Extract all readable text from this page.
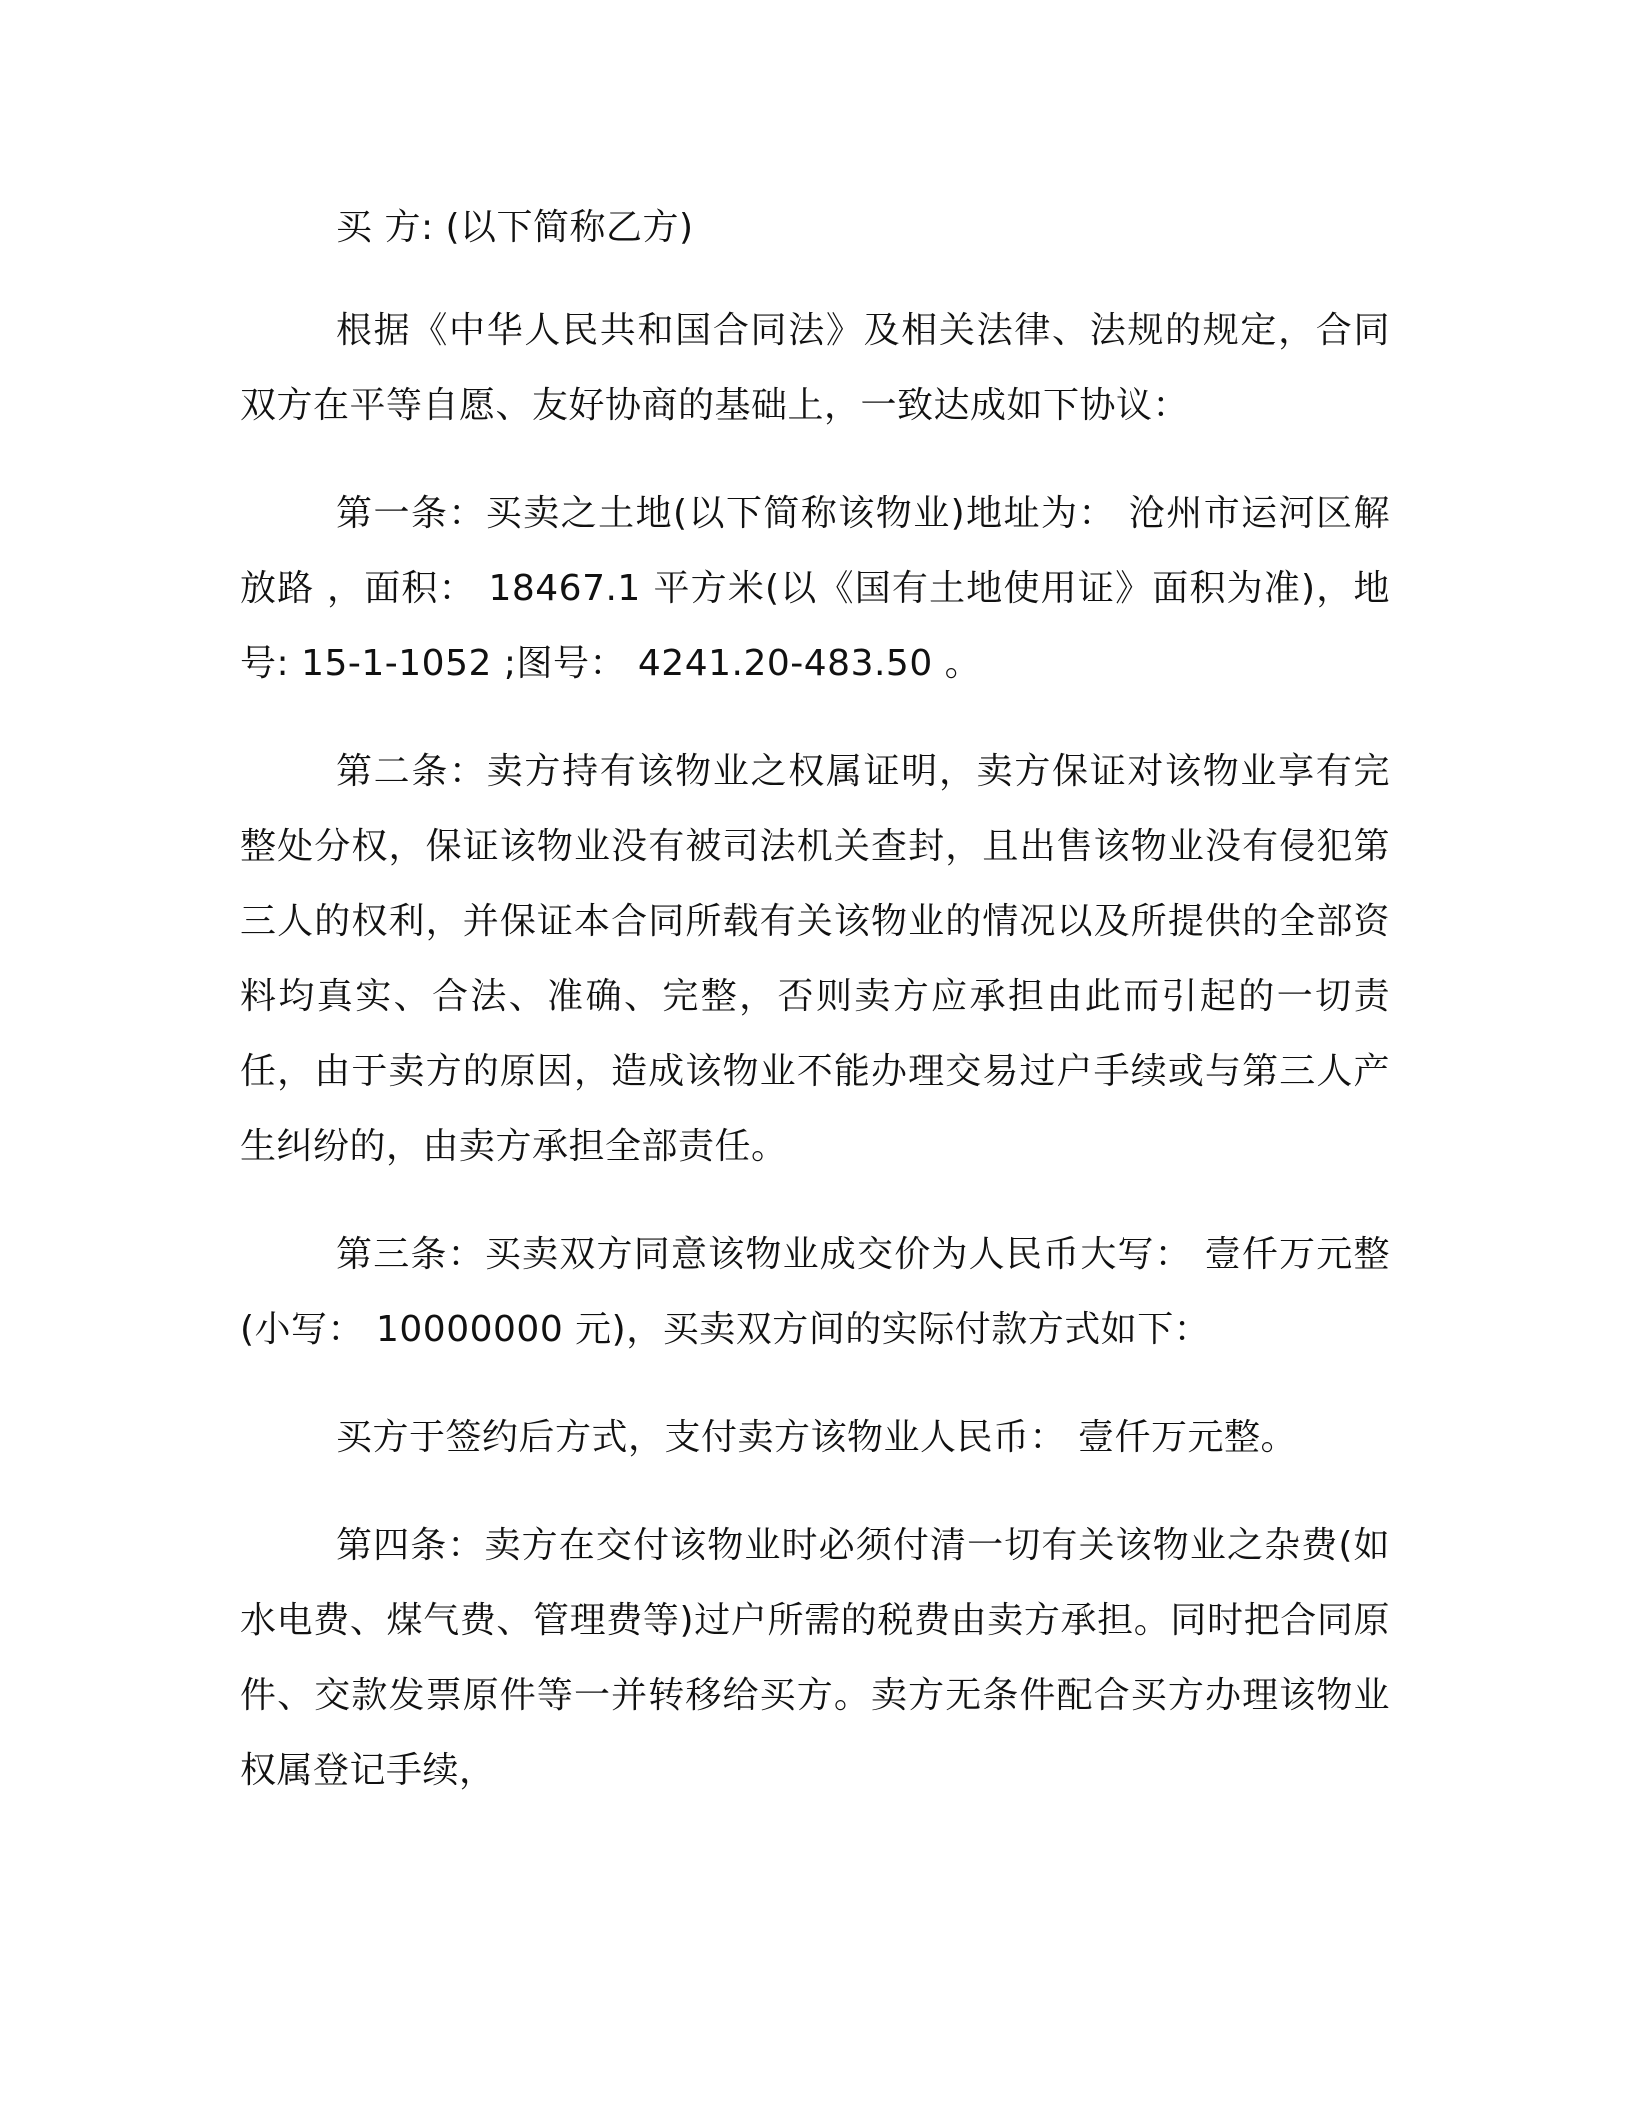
买 方: (以下简称乙方)

根据《中华人民共和国合同法》及相关法律、法规的规定，合同双方在平等自愿、友好协商的基础上，一致达成如下协议：

第一条：买卖之土地(以下简称该物业)地址为： 沧州市运河区解放路 ，面积： 18467.1 平方米(以《国有土地使用证》面积为准)，地号: 15-1-1052 ;图号： 4241.20-483.50 。

第二条：卖方持有该物业之权属证明，卖方保证对该物业享有完整处分权，保证该物业没有被司法机关查封，且出售该物业没有侵犯第三人的权利，并保证本合同所载有关该物业的情况以及所提供的全部资料均真实、合法、准确、完整，否则卖方应承担由此而引起的一切责任，由于卖方的原因，造成该物业不能办理交易过户手续或与第三人产生纠纷的，由卖方承担全部责任。

第三条：买卖双方同意该物业成交价为人民币大写： 壹仟万元整(小写： 10000000 元)，买卖双方间的实际付款方式如下：

买方于签约后方式，支付卖方该物业人民币： 壹仟万元整。

第四条：卖方在交付该物业时必须付清一切有关该物业之杂费(如水电费、煤气费、管理费等)过户所需的税费由卖方承担。同时把合同原件、交款发票原件等一并转移给买方。卖方无条件配合买方办理该物业权属登记手续，
